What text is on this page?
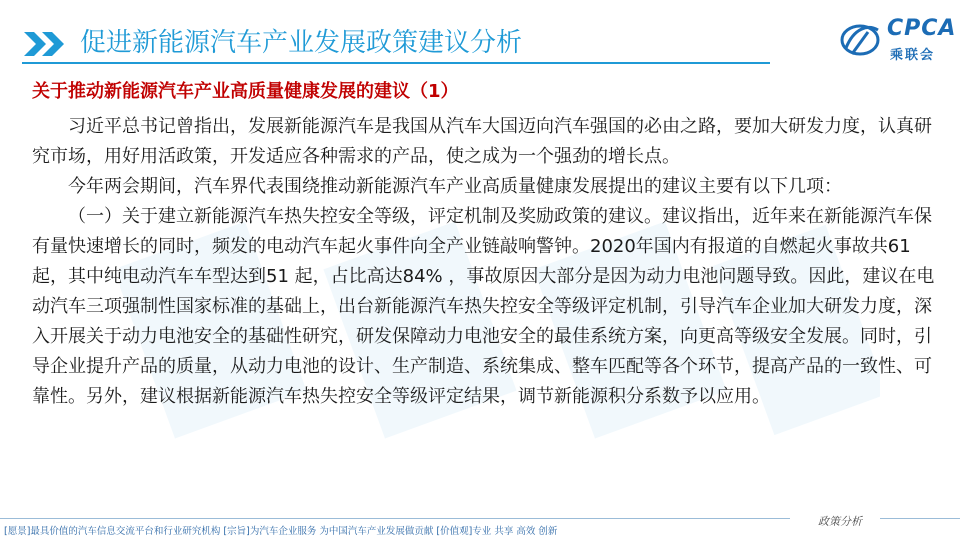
促进新能源汽车产业发展政策建议分析	CPCA
乘联会
关于推动新能源汽车产业高质量健康发展的建议（1）

习近平总书记曾指出，发展新能源汽车是我国从汽车大国迈向汽车强国的必由之路，要加大研发力度，认真研究市场，用好用活政策，开发适应各种需求的产品，使之成为一个强劲的增长点。

今年两会期间，汽车界代表围绕推动新能源汽车产业高质量健康发展提出的建议主要有以下几项：

（一）关于建立新能源汽车热失控安全等级，评定机制及奖励政策的建议。建议指出，近年来在新能源汽车保有量快速增长的同时，频发的电动汽车起火事件向全产业链敲响警钟。2020年国内有报道的自燃起火事故共61 起，其中纯电动汽车车型达到51 起，占比高达84% ，事故原因大部分是因为动力电池问题导致。因此，建议在电动汽车三项强制性国家标准的基础上，出台新能源汽车热失控安全等级评定机制，引导汽车企业加大研发力度，深入开展关于动力电池安全的基础性研究，研发保障动力电池安全的最佳系统方案，向更高等级安全发展。同时，引导企业提升产品的质量，从动力电池的设计、生产制造、系统集成、整车匹配等各个环节，提高产品的一致性、可靠性。另外，建议根据新能源汽车热失控安全等级评定结果，调节新能源积分系数予以应用。

[愿景]最具价值的汽车信息交流平台和行业研究机构 [宗旨]为汽车企业服务 为中国汽车产业发展做贡献 [价值观]专业 共享 高效 创新
政策分析
